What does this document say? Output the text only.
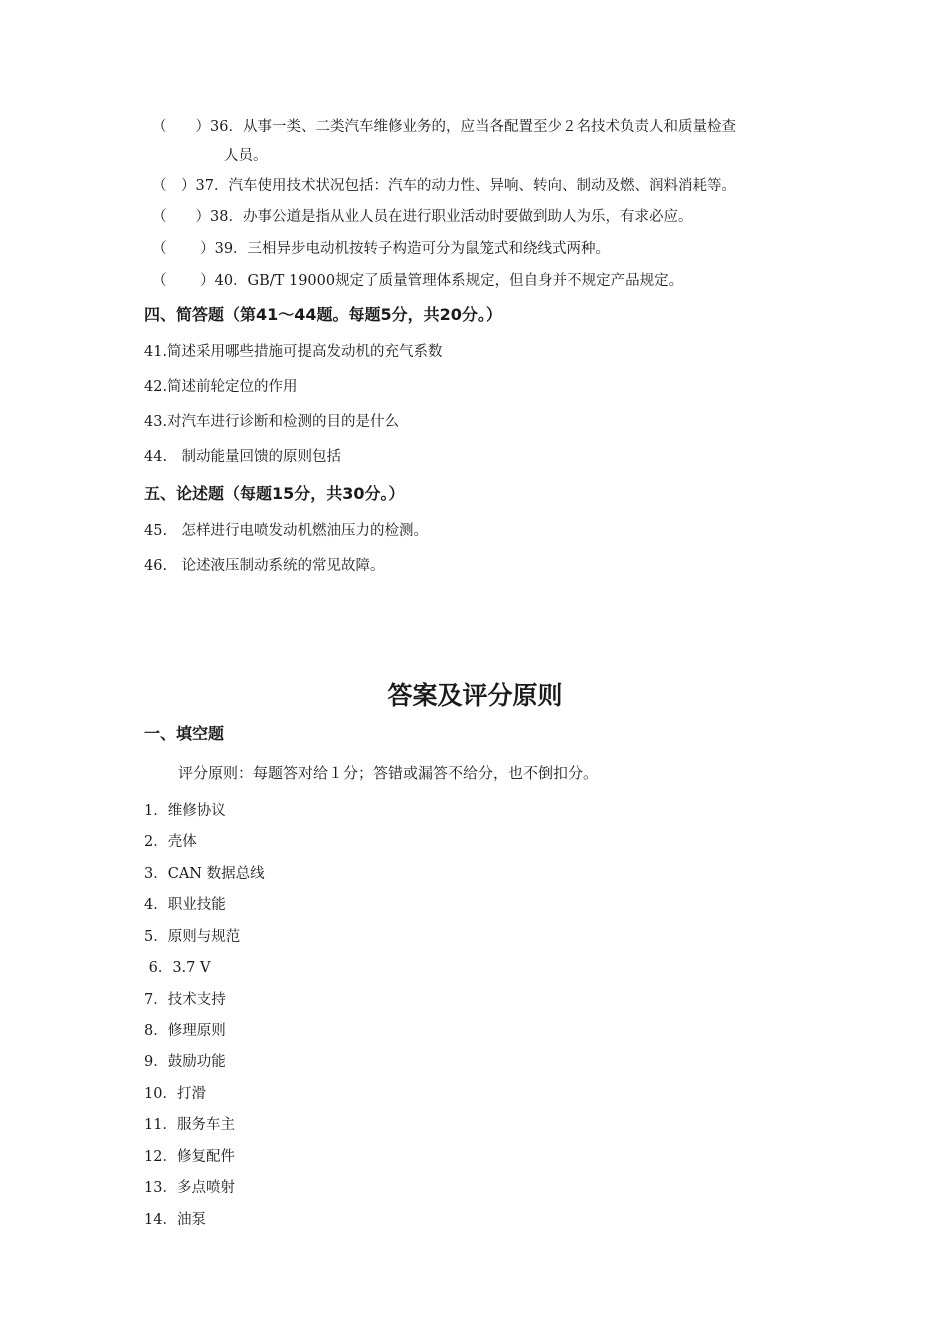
（　　）36．从事一类、二类汽车维修业务的，应当各配置至少２名技术负责人和质量检查
人员。
（　）37．汽车使用技术状况包括：汽车的动力性、异响、转向、制动及燃、润料消耗等。
（　　）38．办事公道是指从业人员在进行职业活动时要做到助人为乐，有求必应。
（　　 ）39．三相异步电动机按转子构造可分为鼠笼式和绕线式两种。
（　　 ）40．GB/T 19000规定了质量管理体系规定，但自身并不规定产品规定。
四、简答题（第41～44题。每题5分，共20分。）
41.简述采用哪些措施可提高发动机的充气系数
42.简述前轮定位的作用
43.对汽车进行诊断和检测的目的是什么
44.　制动能量回馈的原则包括
五、论述题（每题15分，共30分。）
45.　怎样进行电喷发动机燃油压力的检测。
46.　论述液压制动系统的常见故障。
答案及评分原则
一、填空题
评分原则：每题答对给１分；答错或漏答不给分，也不倒扣分。
1．维修协议
2．壳体
3．CAN 数据总线
4．职业技能
5．原则与规范
6．3.7 V
7．技术支持
8．修理原则
9．鼓励功能
10．打滑
11．服务车主
12．修复配件
13．多点喷射
14．油泵
